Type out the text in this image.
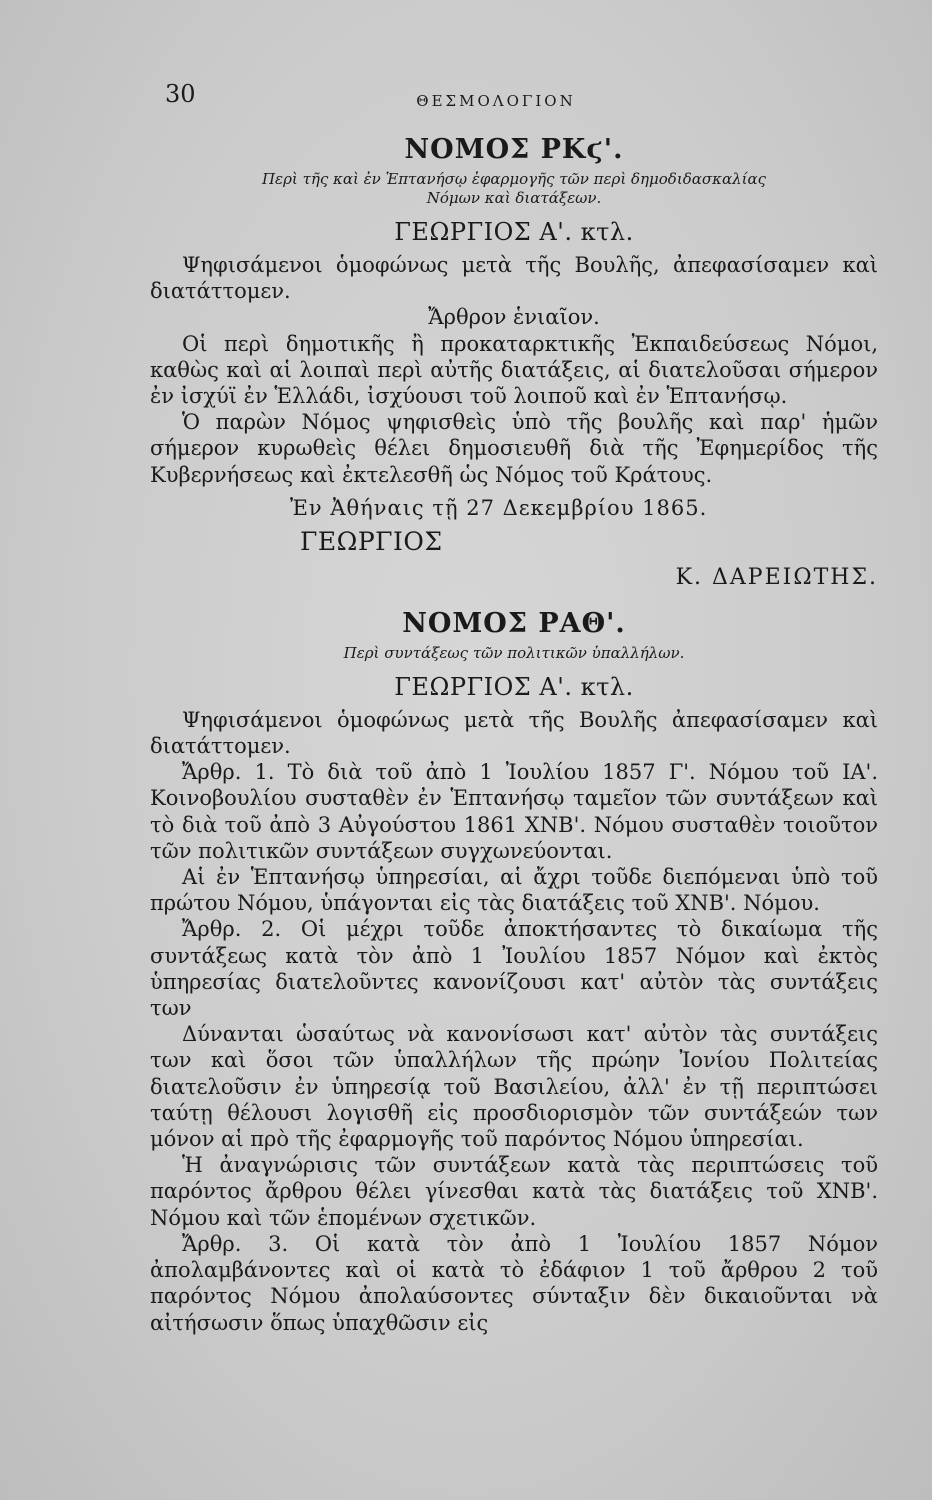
30	ΘΕΣΜΟΛΟΓΙΟΝ
ΝΟΜΟΣ ΡΚϛ'.
Περὶ τῆς καὶ ἐν Ἑπτανήσῳ ἐφαρμογῆς τῶν περὶ δημοδιδασκαλίας
Νόμων καὶ διατάξεων.
ΓΕΩΡΓΙΟΣ Α'. κτλ.

Ψηφισάμενοι ὁμοφώνως μετὰ τῆς Βουλῆς, ἀπεφασίσαμεν καὶ διατάττομεν.

Ἄρθρον ἑνιαῖον.

Οἱ περὶ δημοτικῆς ἢ προκαταρκτικῆς Ἐκπαιδεύσεως Νόμοι, καθὼς καὶ αἱ λοιπαὶ περὶ αὐτῆς διατάξεις, αἱ διατελοῦσαι σήμερον ἐν ἰσχύϊ ἐν Ἑλλάδι, ἰσχύουσι τοῦ λοιποῦ καὶ ἐν Ἑπτανήσῳ.

Ὁ παρὼν Νόμος ψηφισθεὶς ὑπὸ τῆς βουλῆς καὶ παρ' ἡμῶν σήμερον κυρωθεὶς θέλει δημοσιευθῆ διὰ τῆς Ἐφημερίδος τῆς Κυβερνήσεως καὶ ἐκτελεσθῆ ὡς Νόμος τοῦ Κράτους.

Ἐν Ἀθήναις τῇ 27 Δεκεμβρίου 1865.
ΓΕΩΡΓΙΟΣ
Κ. ΔΑΡΕΙΩΤΗΣ.
ΝΟΜΟΣ ΡΑΘ'.
Περὶ συντάξεως τῶν πολιτικῶν ὑπαλλήλων.
ΓΕΩΡΓΙΟΣ Α'. κτλ.

Ψηφισάμενοι ὁμοφώνως μετὰ τῆς Βουλῆς ἀπεφασίσαμεν καὶ διατάττομεν.

Ἄρθρ. 1. Τὸ διὰ τοῦ ἀπὸ 1 Ἰουλίου 1857 Γ'. Νόμου τοῦ ΙΑ'. Κοινοβουλίου συσταθὲν ἐν Ἑπτανήσῳ ταμεῖον τῶν συντάξεων καὶ τὸ διὰ τοῦ ἀπὸ 3 Αὐγούστου 1861 ΧΝΒ'. Νόμου συσταθὲν τοιοῦτον τῶν πολιτικῶν συντάξεων συγχωνεύονται.

Αἱ ἐν Ἑπτανήσῳ ὑπηρεσίαι, αἱ ἄχρι τοῦδε διεπόμεναι ὑπὸ τοῦ πρώτου Νόμου, ὑπάγονται εἰς τὰς διατάξεις τοῦ ΧΝΒ'. Νόμου.

Ἄρθρ. 2. Οἱ μέχρι τοῦδε ἀποκτήσαντες τὸ δικαίωμα τῆς συντάξεως κατὰ τὸν ἀπὸ 1 Ἰουλίου 1857 Νόμον καὶ ἐκτὸς ὑπηρεσίας διατελοῦντες κανονίζουσι κατ' αὐτὸν τὰς συντάξεις των

Δύνανται ὡσαύτως νὰ κανονίσωσι κατ' αὐτὸν τὰς συντάξεις των καὶ ὅσοι τῶν ὑπαλλήλων τῆς πρώην Ἰονίου Πολιτείας διατελοῦσιν ἐν ὑπηρεσίᾳ τοῦ Βασιλείου, ἀλλ' ἐν τῇ περιπτώσει ταύτῃ θέλουσι λογισθῆ εἰς προσδιορισμὸν τῶν συντάξεών των μόνον αἱ πρὸ τῆς ἐφαρμογῆς τοῦ παρόντος Νόμου ὑπηρεσίαι.

Ἡ ἀναγνώρισις τῶν συντάξεων κατὰ τὰς περιπτώσεις τοῦ παρόντος ἄρθρου θέλει γίνεσθαι κατὰ τὰς διατάξεις τοῦ ΧΝΒ'. Νόμου καὶ τῶν ἑπομένων σχετικῶν.

Ἄρθρ. 3. Οἱ κατὰ τὸν ἀπὸ 1 Ἰουλίου 1857 Νόμον ἀπολαμβάνοντες καὶ οἱ κατὰ τὸ ἐδάφιον 1 τοῦ ἄρθρου 2 τοῦ παρόντος Νόμου ἀπολαύσοντες σύνταξιν δὲν δικαιοῦνται νὰ αἰτήσωσιν ὅπως ὑπαχθῶσιν εἰς
